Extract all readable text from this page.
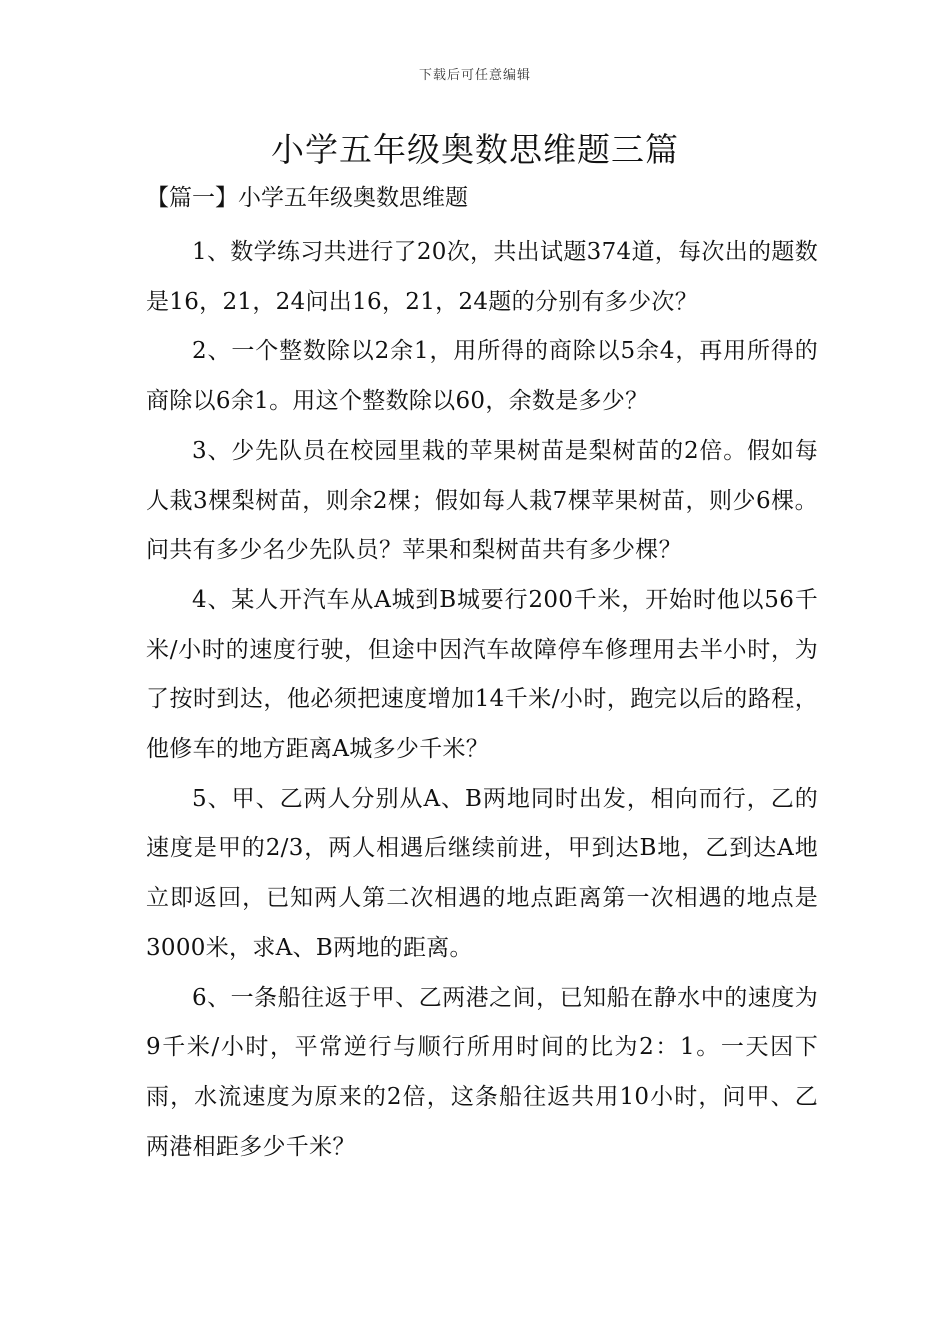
下载后可任意编辑
小学五年级奥数思维题三篇
【篇一】小学五年级奥数思维题

1、数学练习共进行了20次，共出试题374道，每次出的题数是16，21，24问出16，21，24题的分别有多少次？

2、一个整数除以2余1，用所得的商除以5余4，再用所得的商除以6余1。用这个整数除以60，余数是多少？

3、少先队员在校园里栽的苹果树苗是梨树苗的2倍。假如每人栽3棵梨树苗，则余2棵；假如每人栽7棵苹果树苗，则少6棵。问共有多少名少先队员？苹果和梨树苗共有多少棵？

4、某人开汽车从A城到B城要行200千米，开始时他以56千米/小时的速度行驶，但途中因汽车故障停车修理用去半小时，为了按时到达，他必须把速度增加14千米/小时，跑完以后的路程，他修车的地方距离A城多少千米？

5、甲、乙两人分别从A、B两地同时出发，相向而行，乙的速度是甲的2/3，两人相遇后继续前进，甲到达B地，乙到达A地立即返回，已知两人第二次相遇的地点距离第一次相遇的地点是3000米，求A、B两地的距离。

6、一条船往返于甲、乙两港之间，已知船在静水中的速度为9千米/小时，平常逆行与顺行所用时间的比为2：1。一天因下雨，水流速度为原来的2倍，这条船往返共用10小时，问甲、乙两港相距多少千米？
